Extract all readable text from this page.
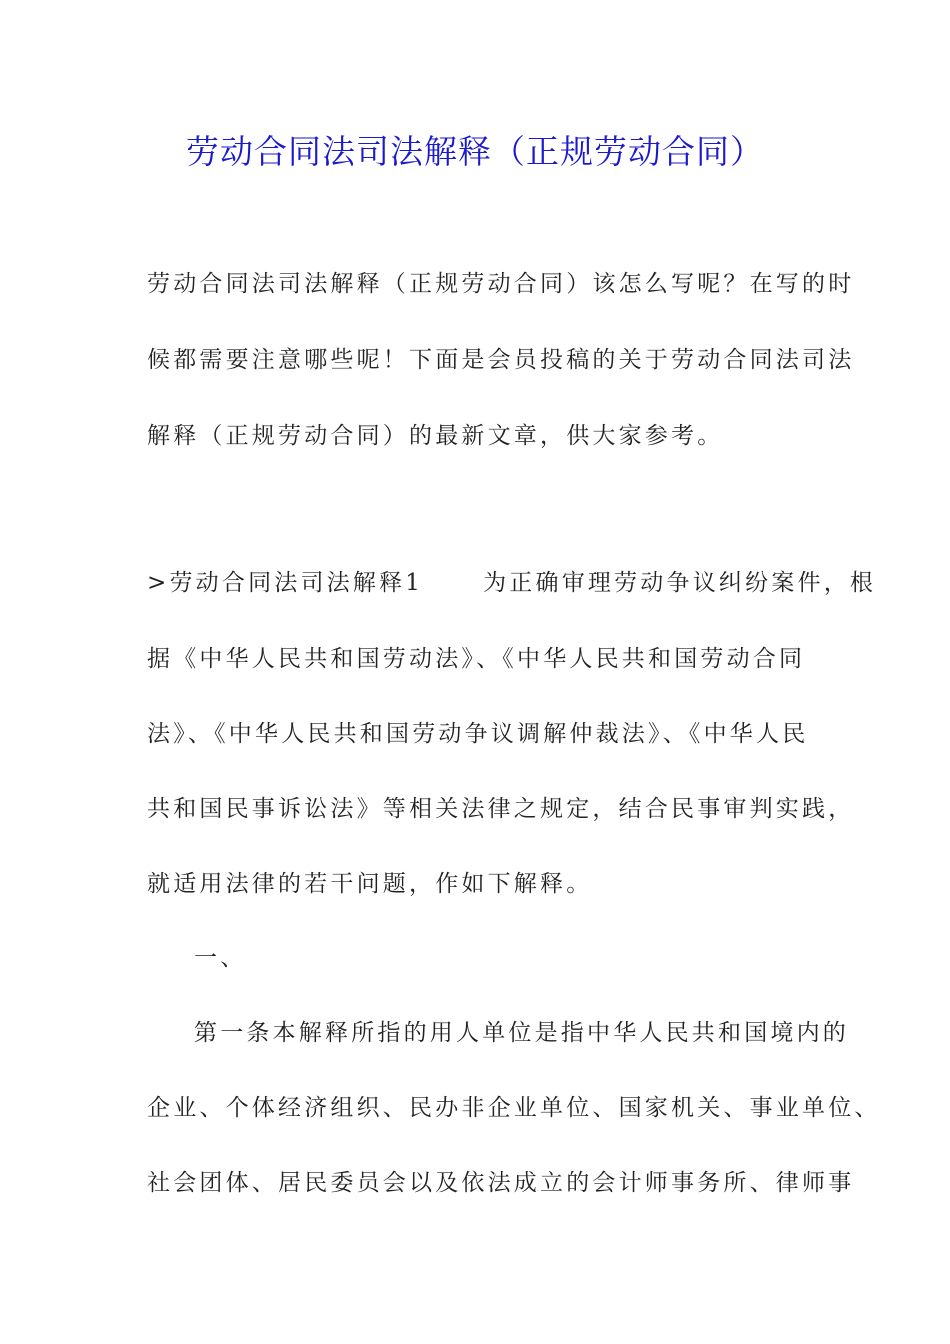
劳动合同法司法解释（正规劳动合同）
劳动合同法司法解释（正规劳动合同）该怎么写呢？在写的时
候都需要注意哪些呢！下面是会员投稿的关于劳动合同法司法
解释（正规劳动合同）的最新文章，供大家参考。
>劳动合同法司法解释1	为正确审理劳动争议纠纷案件，根
据《中华人民共和国劳动法》、《中华人民共和国劳动合同
法》、《中华人民共和国劳动争议调解仲裁法》、《中华人民
共和国民事诉讼法》等相关法律之规定，结合民事审判实践，
就适用法律的若干问题，作如下解释。
一、
第一条本解释所指的用人单位是指中华人民共和国境内的
企业、个体经济组织、民办非企业单位、国家机关、事业单位、
社会团体、居民委员会以及依法成立的会计师事务所、律师事
